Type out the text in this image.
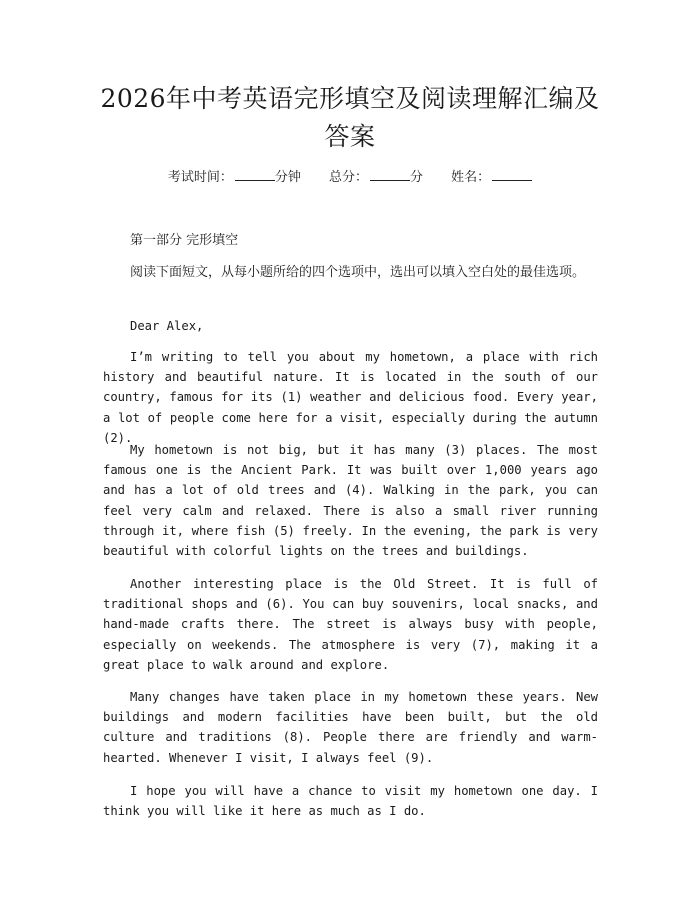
2026年中考英语完形填空及阅读理解汇编及答案
考试时间：	分钟 总分：	分 姓名：

第一部分 完形填空

阅读下面短文，从每小题所给的四个选项中，选出可以填入空白处的最佳选项。

Dear Alex,

I’m writing to tell you about my hometown, a place with rich history and beautiful nature. It is located in the south of our country, famous for its (1) weather and delicious food. Every year, a lot of people come here for a visit, especially during the autumn (2).

My hometown is not big, but it has many (3) places. The most famous one is the Ancient Park. It was built over 1,000 years ago and has a lot of old trees and (4). Walking in the park, you can feel very calm and relaxed. There is also a small river running through it, where fish (5) freely. In the evening, the park is very beautiful with colorful lights on the trees and buildings.

Another interesting place is the Old Street. It is full of traditional shops and (6). You can buy souvenirs, local snacks, and hand-made crafts there. The street is always busy with people, especially on weekends. The atmosphere is very (7), making it a great place to walk around and explore.

Many changes have taken place in my hometown these years. New buildings and modern facilities have been built, but the old culture and traditions (8). People there are friendly and warm-hearted. Whenever I visit, I always feel (9).

I hope you will have a chance to visit my hometown one day. I think you will like it here as much as I do.
